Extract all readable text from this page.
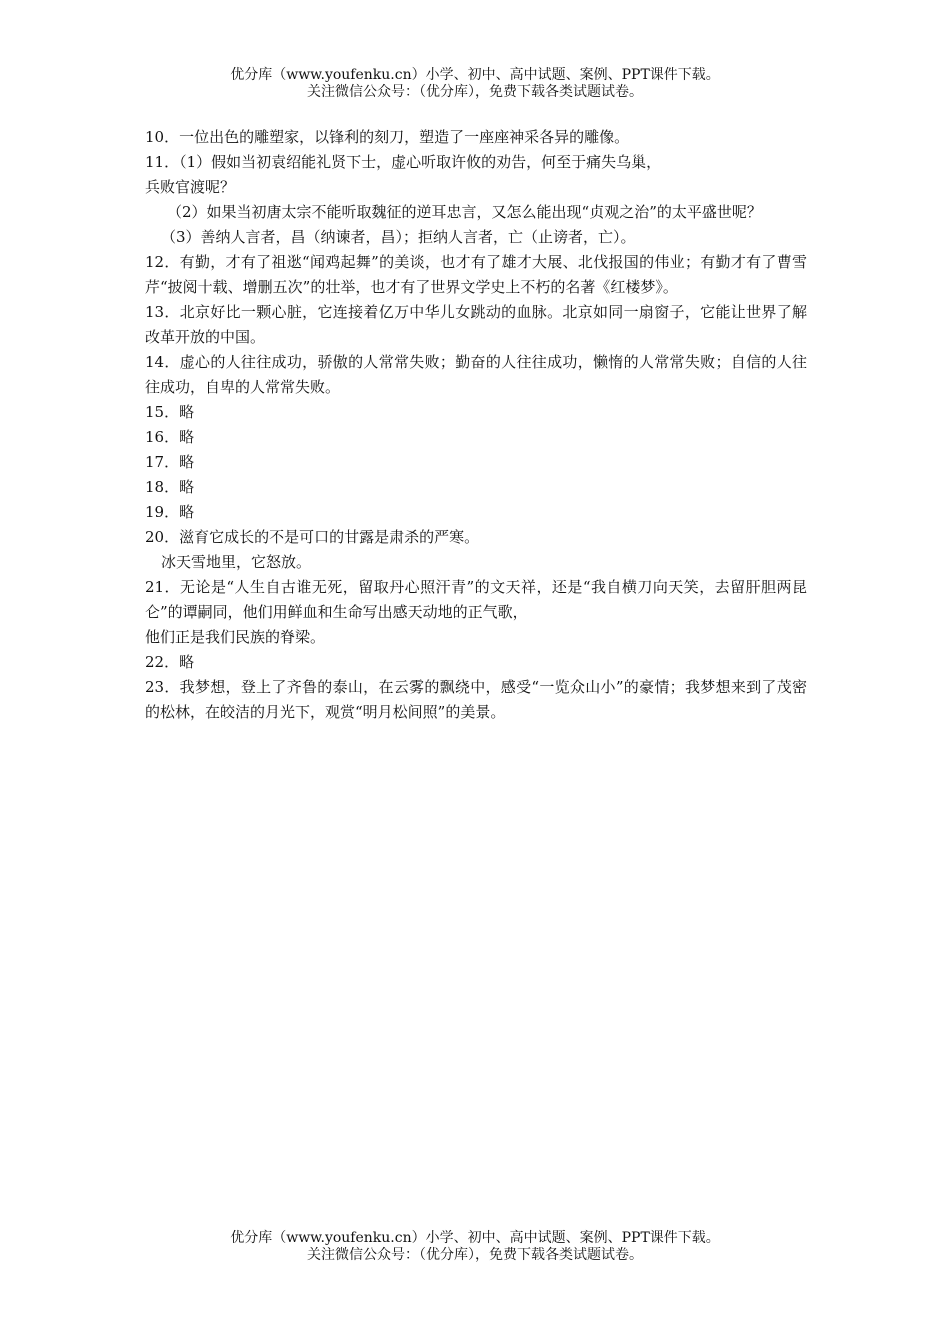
优分库（www.youfenku.cn）小学、初中、高中试题、案例、PPT课件下载。
关注微信公众号：（优分库），免费下载各类试题试卷。

10．一位出色的雕塑家，以锋利的刻刀，塑造了一座座神采各异的雕像。

11．（1）假如当初袁绍能礼贤下士，虚心听取许攸的劝告，何至于痛失乌巢，

兵败官渡呢？

（2）如果当初唐太宗不能听取魏征的逆耳忠言，又怎么能出现“贞观之治”的太平盛世呢？

（3）善纳人言者，昌（纳谏者，昌）；拒纳人言者，亡（止谤者，亡）。

12．有勤，才有了祖逖“闻鸡起舞”的美谈，也才有了雄才大展、北伐报国的伟业；有勤才有了曹雪芹“披阅十载、增删五次”的壮举，也才有了世界文学史上不朽的名著《红楼梦》。

13．北京好比一颗心脏，它连接着亿万中华儿女跳动的血脉。北京如同一扇窗子，它能让世界了解改革开放的中国。

14．虚心的人往往成功，骄傲的人常常失败；勤奋的人往往成功，懒惰的人常常失败；自信的人往往成功，自卑的人常常失败。

15．略

16．略

17．略

18．略

19．略

20．滋育它成长的不是可口的甘露是肃杀的严寒。

冰天雪地里，它怒放。

21．无论是“人生自古谁无死，留取丹心照汗青”的文天祥，还是“我自横刀向天笑，去留肝胆两昆仑”的谭嗣同，他们用鲜血和生命写出感天动地的正气歌，

他们正是我们民族的脊梁。

22．略

23．我梦想，登上了齐鲁的泰山，在云雾的飘绕中，感受“一览众山小”的豪情；我梦想来到了茂密的松林，在皎洁的月光下，观赏“明月松间照”的美景。

优分库（www.youfenku.cn）小学、初中、高中试题、案例、PPT课件下载。
关注微信公众号：（优分库），免费下载各类试题试卷。
